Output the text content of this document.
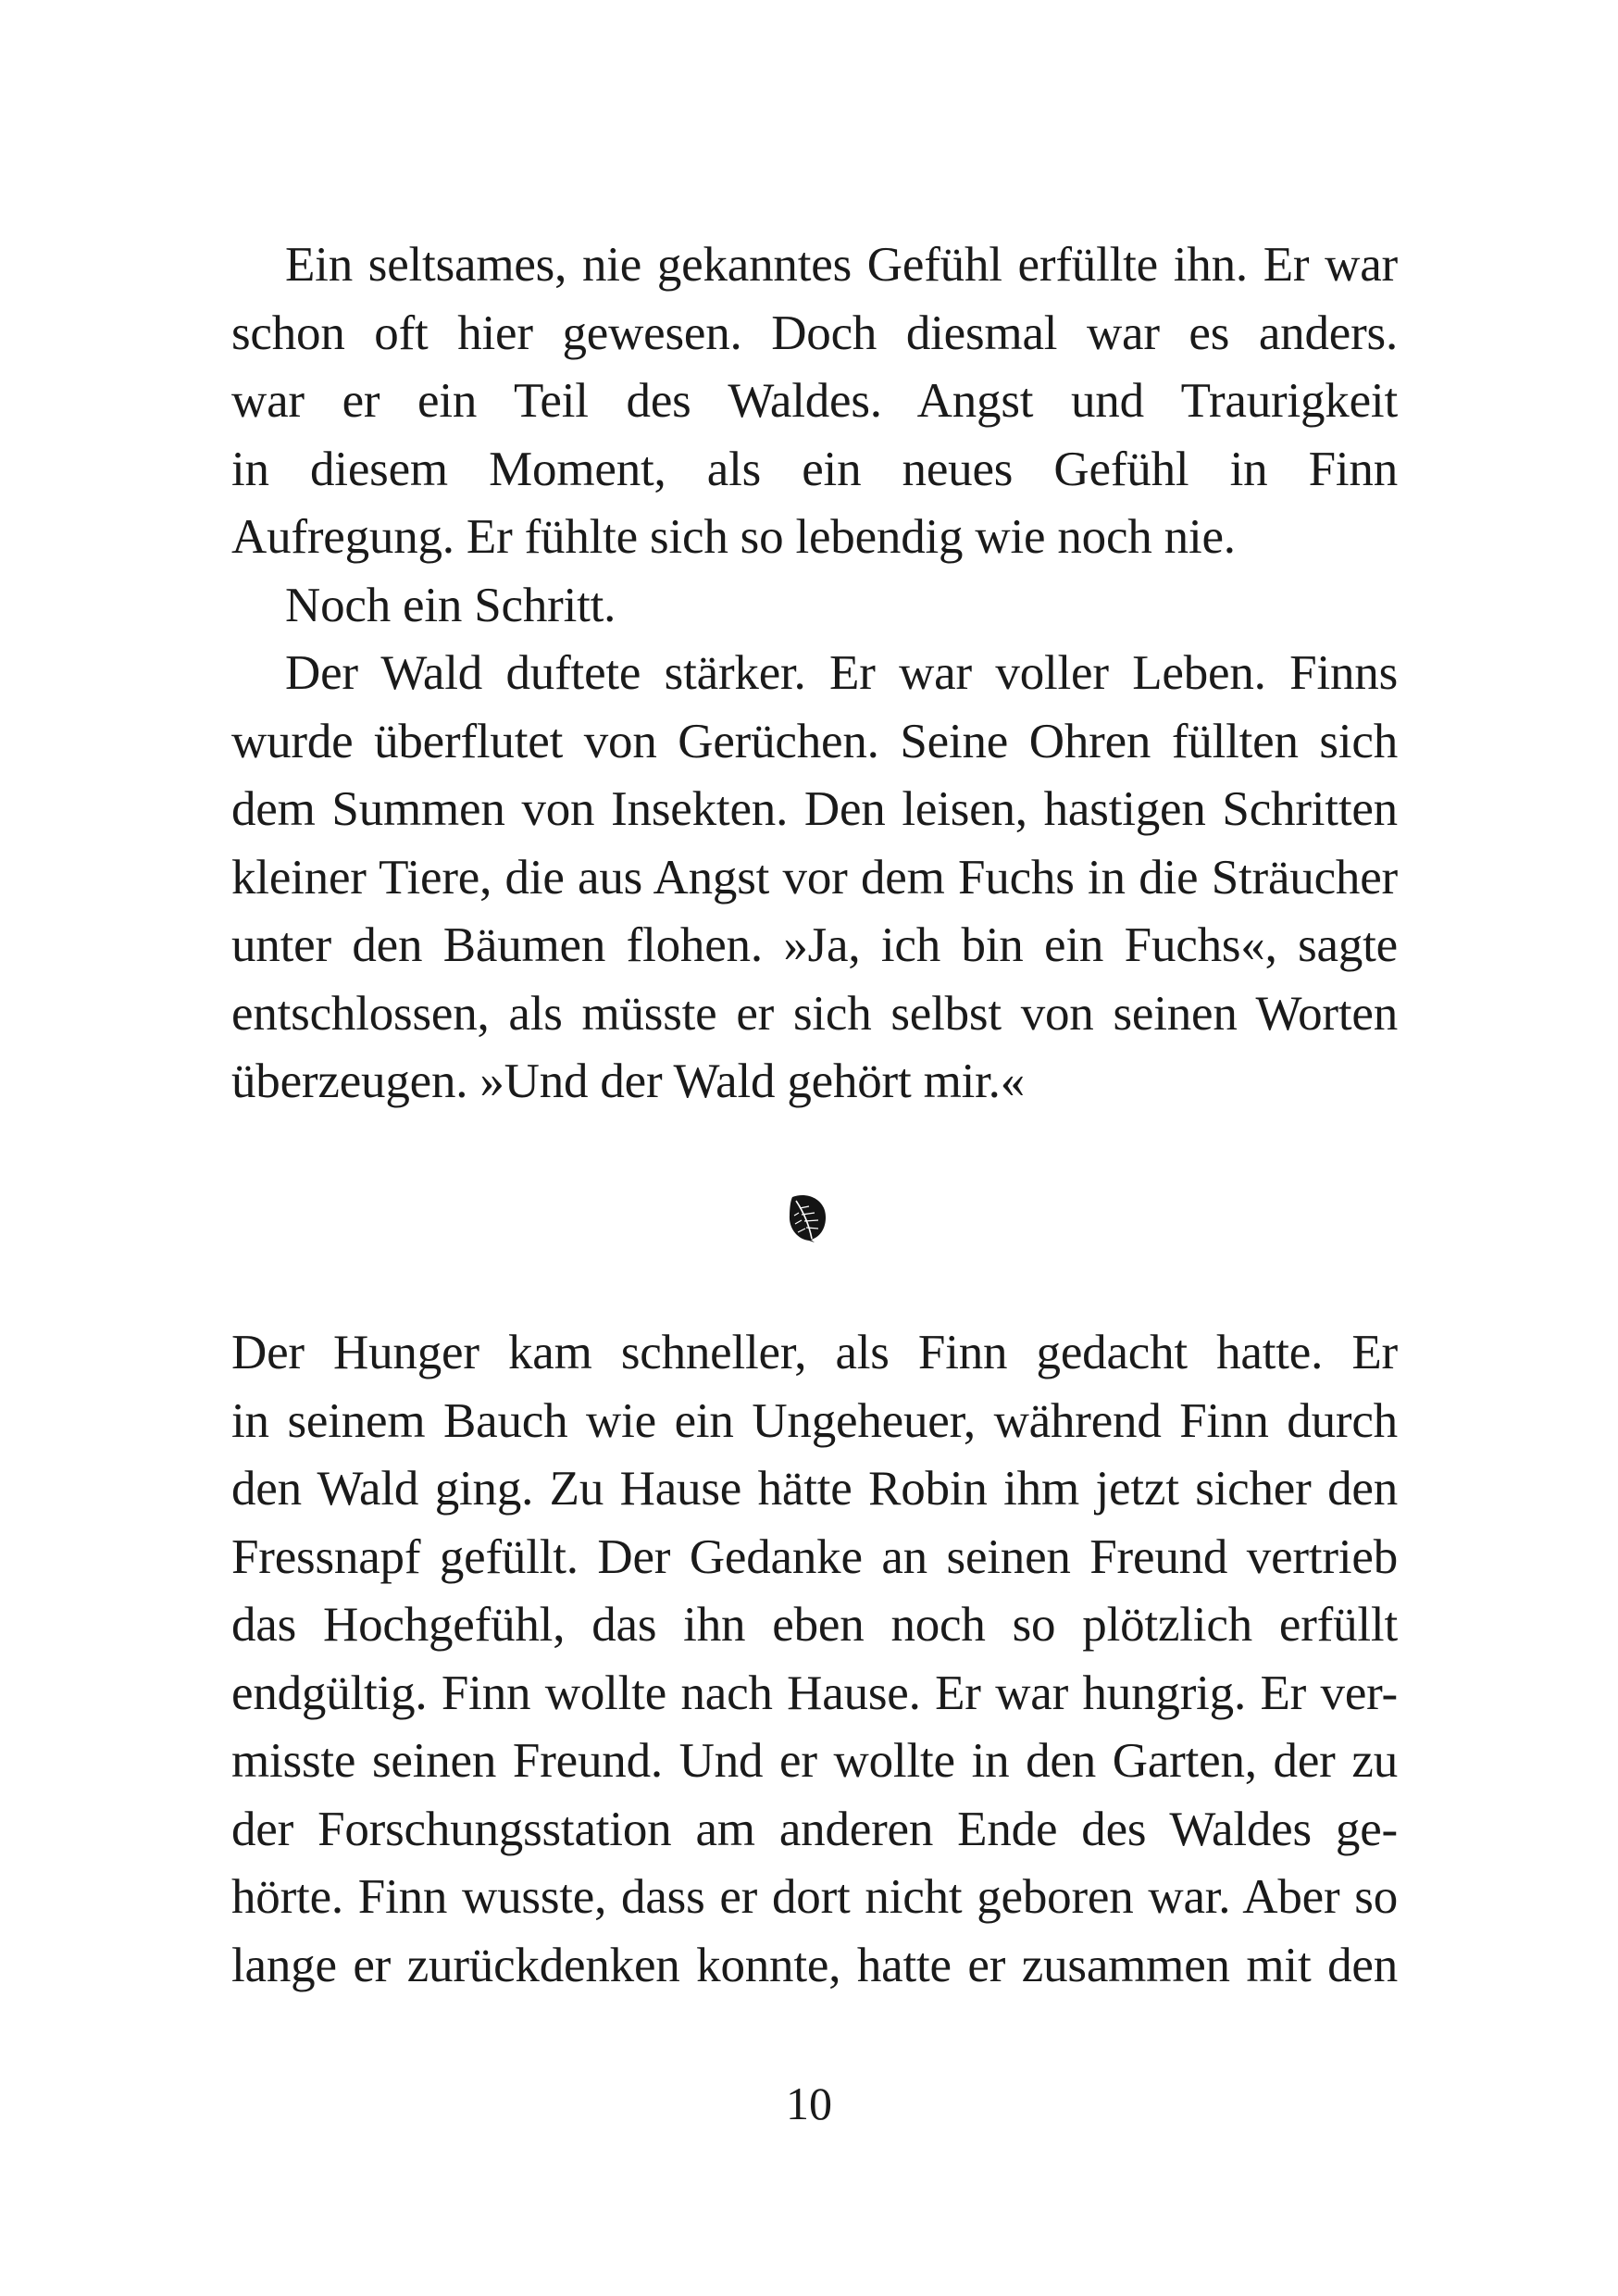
Ein seltsames, nie gekanntes Gefühl erfüllte ihn. Er war
schon oft hier gewesen. Doch diesmal war es anders.
war er ein Teil des Waldes. Angst und Traurigkeit
in diesem Moment, als ein neues Gefühl in Finn
Aufregung. Er fühlte sich so lebendig wie noch nie.
Noch ein Schritt.
Der Wald duftete stärker. Er war voller Leben. Finns
wurde überflutet von Gerüchen. Seine Ohren füllten sich
dem Summen von Insekten. Den leisen, hastigen Schritten
kleiner Tiere, die aus Angst vor dem Fuchs in die Sträucher
unter den Bäumen flohen. »Ja, ich bin ein Fuchs«, sagte
entschlossen, als müsste er sich selbst von seinen Worten
überzeugen. »Und der Wald gehört mir.«
Der Hunger kam schneller, als Finn gedacht hatte. Er
in seinem Bauch wie ein Ungeheuer, während Finn durch
den Wald ging. Zu Hause hätte Robin ihm jetzt sicher den
Fressnapf gefüllt. Der Gedanke an seinen Freund vertrieb
das Hochgefühl, das ihn eben noch so plötzlich erfüllt
endgültig. Finn wollte nach Hause. Er war hungrig. Er ver-
misste seinen Freund. Und er wollte in den Garten, der zu
der Forschungsstation am anderen Ende des Waldes ge-
hörte. Finn wusste, dass er dort nicht geboren war. Aber so
lange er zurückdenken konnte, hatte er zusammen mit den
10
